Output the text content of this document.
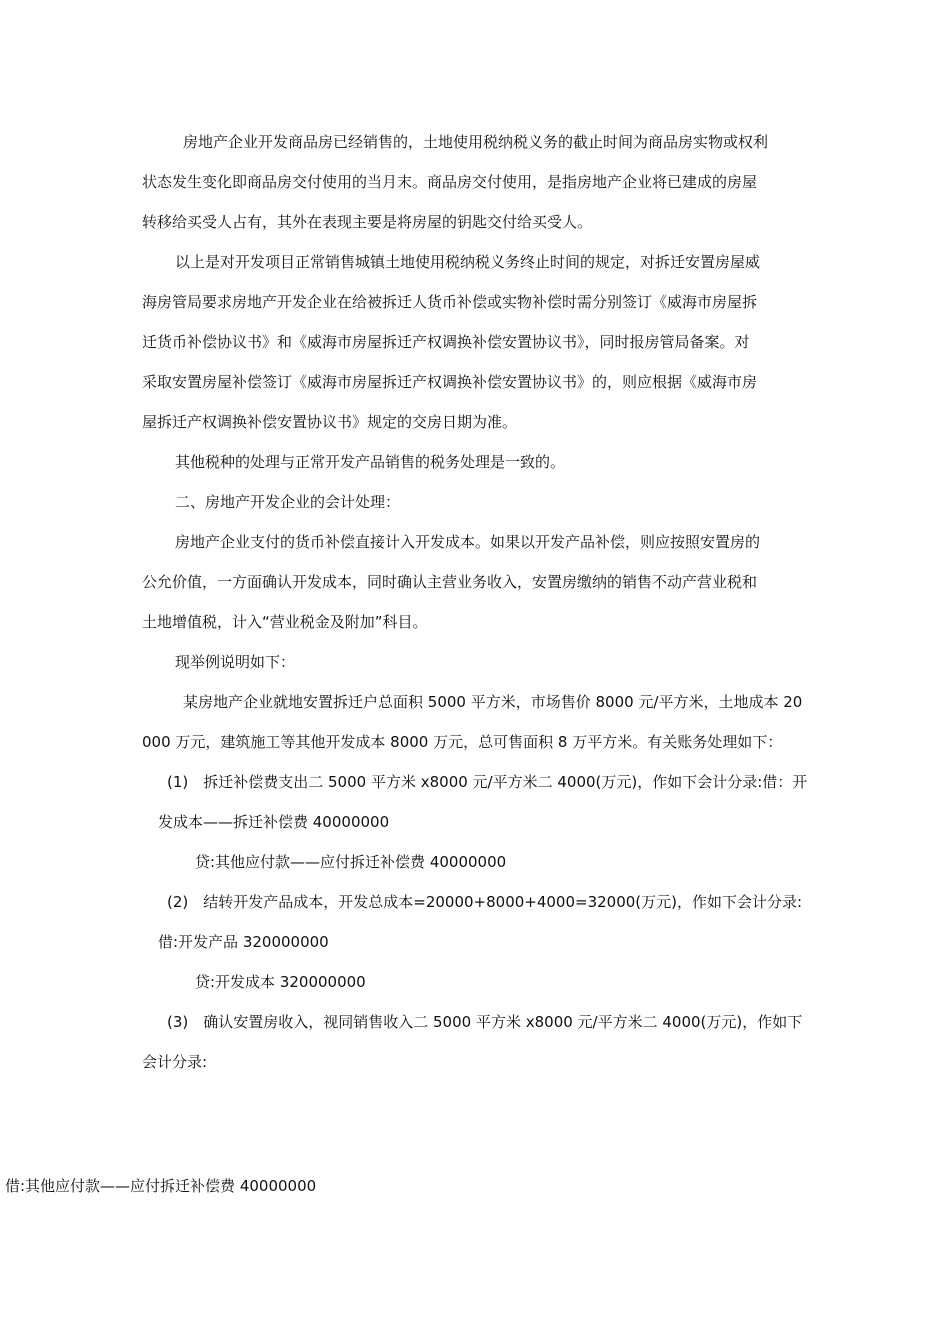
房地产企业开发商品房已经销售的，土地使用税纳税义务的截止时间为商品房实物或权利
状态发生变化即商品房交付使用的当月末。商品房交付使用，是指房地产企业将已建成的房屋
转移给买受人占有，其外在表现主要是将房屋的钥匙交付给买受人。
以上是对开发项目正常销售城镇土地使用税纳税义务终止时间的规定，对拆迁安置房屋威
海房管局要求房地产开发企业在给被拆迁人货币补偿或实物补偿时需分别签订《威海市房屋拆
迁货币补偿协议书》和《威海市房屋拆迁产权调换补偿安置协议书》，同时报房管局备案。对
采取安置房屋补偿签订《威海市房屋拆迁产权调换补偿安置协议书》的，则应根据《威海市房
屋拆迁产权调换补偿安置协议书》规定的交房日期为准。
其他税种的处理与正常开发产品销售的税务处理是一致的。
二、房地产开发企业的会计处理：
房地产企业支付的货币补偿直接计入开发成本。如果以开发产品补偿，则应按照安置房的
公允价值，一方面确认开发成本，同时确认主营业务收入，安置房缴纳的销售不动产营业税和
土地增值税，计入“营业税金及附加”科目。
现举例说明如下：
某房地产企业就地安置拆迁户总面积 5000 平方米，市场售价 8000 元/平方米，土地成本 20
000 万元，建筑施工等其他开发成本 8000 万元，总可售面积 8 万平方米。有关账务处理如下：
(1)　拆迁补偿费支出二 5000 平方米 x8000 元/平方米二 4000(万元)，作如下会计分录:借：开
发成本——拆迁补偿费 40000000
贷:其他应付款——应付拆迁补偿费 40000000
(2)　结转开发产品成本，开发总成本=20000+8000+4000=32000(万元)，作如下会计分录:
借:开发产品 320000000
贷:开发成本 320000000
(3)　确认安置房收入，视同销售收入二 5000 平方米 x8000 元/平方米二 4000(万元)，作如下
会计分录:
借:其他应付款——应付拆迁补偿费 40000000
